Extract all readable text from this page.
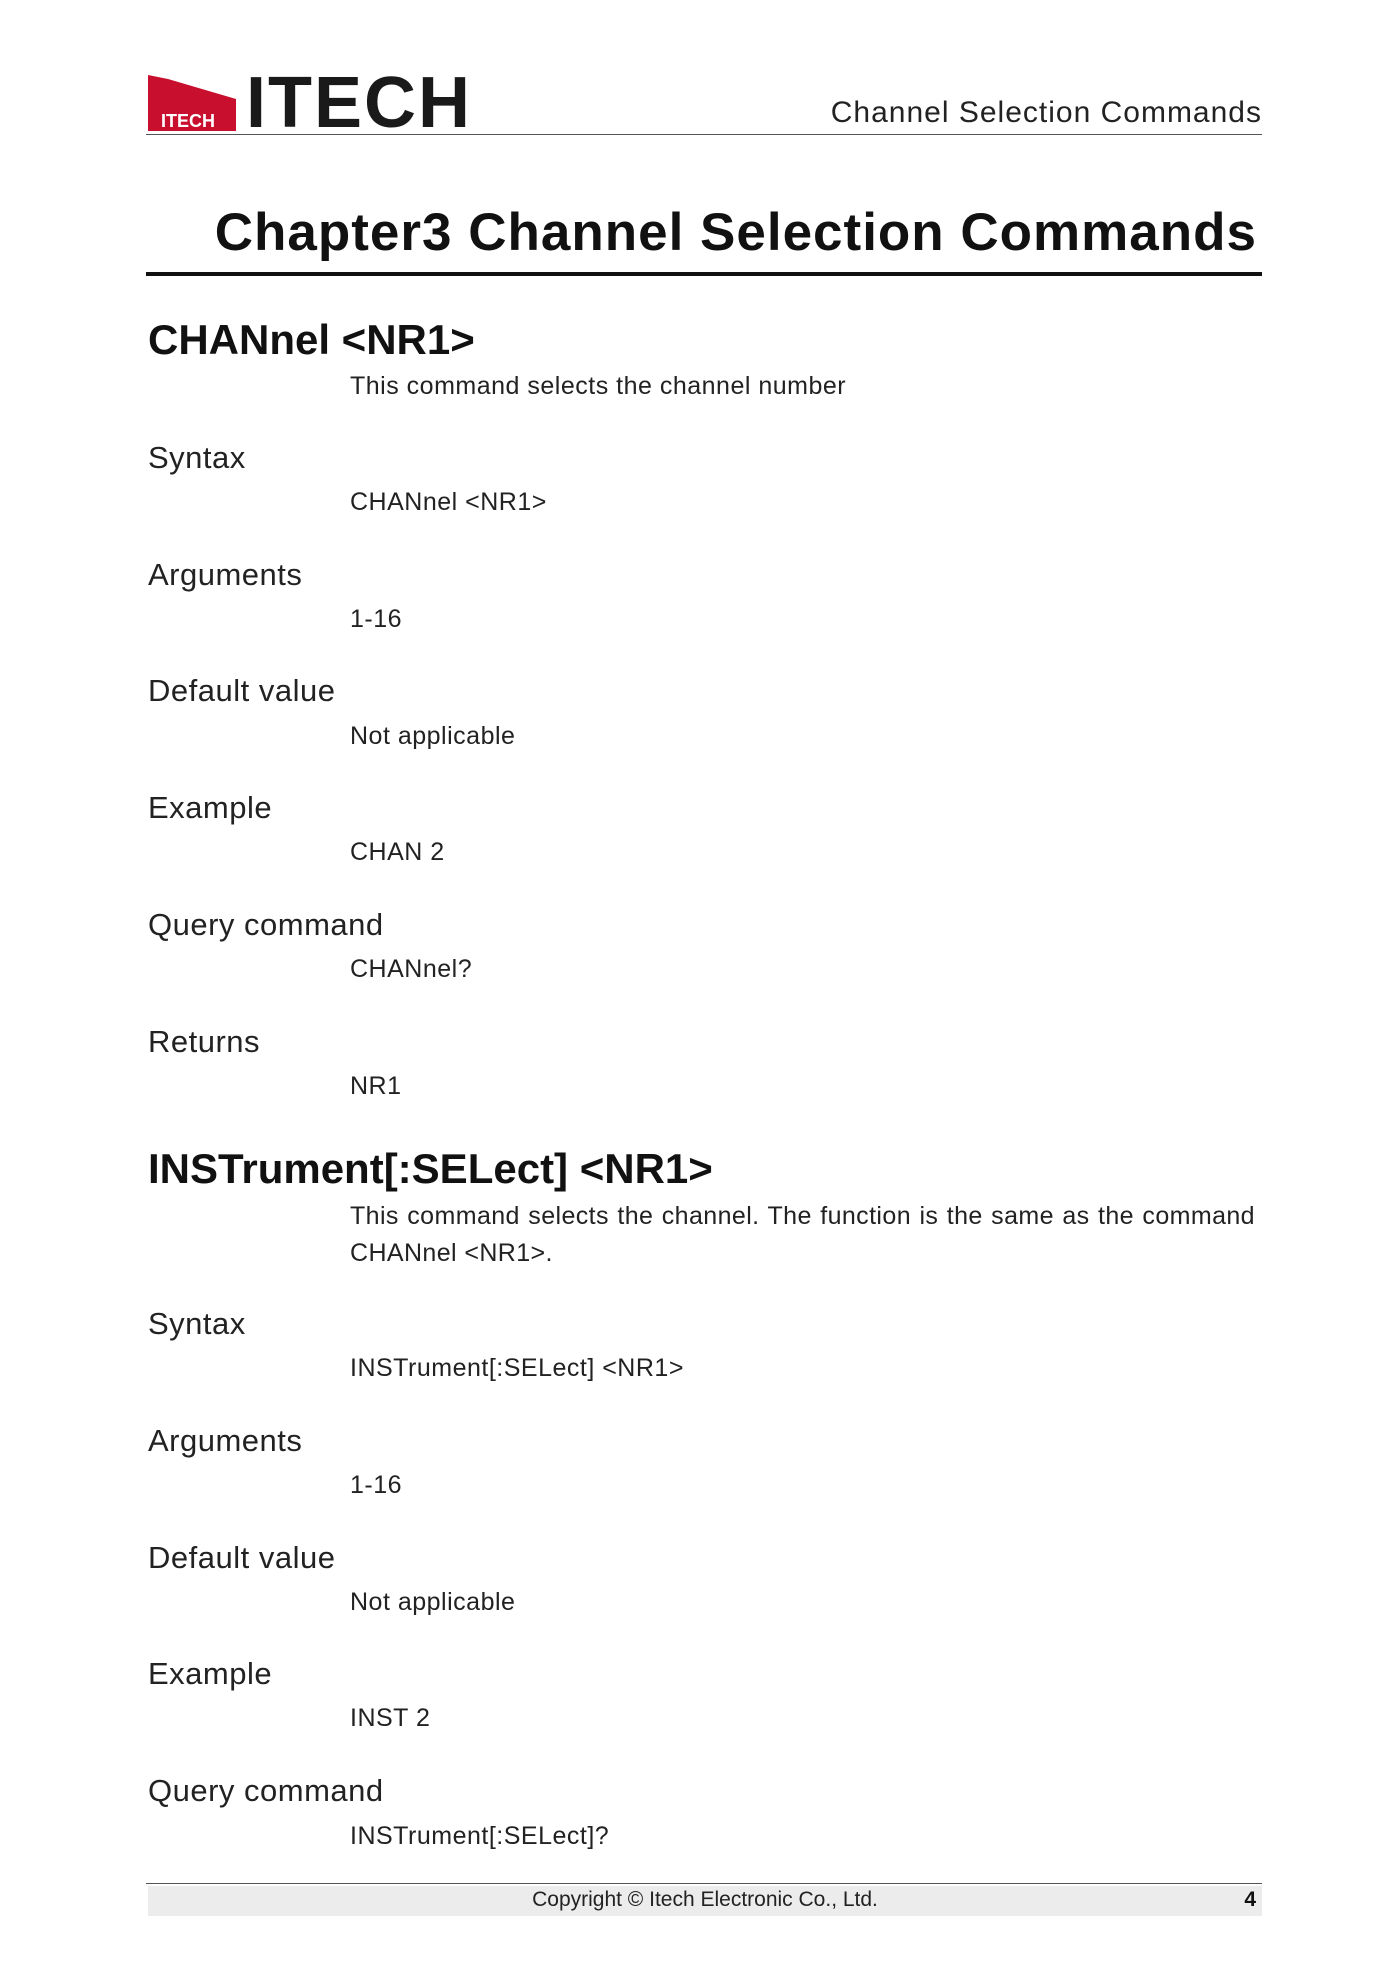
ITECH ITECH	Channel Selection Commands
Chapter3 Channel Selection Commands
CHANnel <NR1>
This command selects the channel number
Syntax
CHANnel <NR1>
Arguments
1-16
Default value
Not applicable
Example
CHAN 2
Query command
CHANnel?
Returns
NR1
INSTrument[:SELect] <NR1>
This command selects the channel. The function is the same as the command CHANnel <NR1>.
Syntax
INSTrument[:SELect] <NR1>
Arguments
1-16
Default value
Not applicable
Example
INST 2
Query command
INSTrument[:SELect]?
Copyright © Itech Electronic Co., Ltd.	4
